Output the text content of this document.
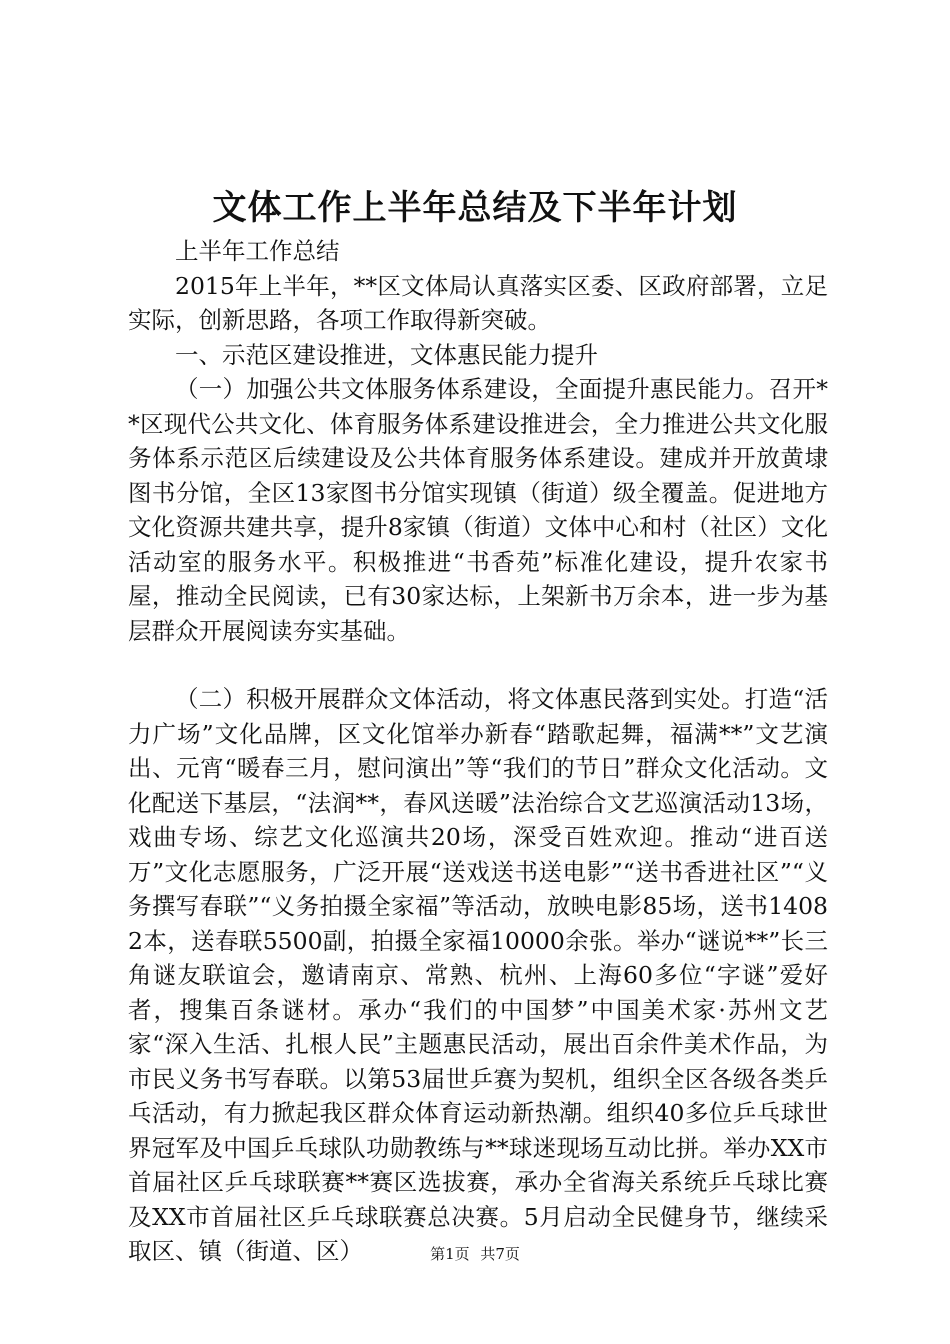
文体工作上半年总结及下半年计划

上半年工作总结

2015年上半年，**区文体局认真落实区委、区政府部署，立足实际，创新思路，各项工作取得新突破。

一、示范区建设推进，文体惠民能力提升

（一）加强公共文体服务体系建设，全面提升惠民能力。召开**区现代公共文化、体育服务体系建设推进会，全力推进公共文化服务体系示范区后续建设及公共体育服务体系建设。建成并开放黄埭图书分馆，全区13家图书分馆实现镇（街道）级全覆盖。促进地方文化资源共建共享，提升8家镇（街道）文体中心和村（社区）文化活动室的服务水平。积极推进“书香苑”标准化建设，提升农家书屋，推动全民阅读，已有30家达标，上架新书万余本，进一步为基层群众开展阅读夯实基础。

（二）积极开展群众文体活动，将文体惠民落到实处。打造“活力广场”文化品牌，区文化馆举办新春“踏歌起舞，福满**”文艺演出、元宵“暖春三月，慰问演出”等“我们的节日”群众文化活动。文化配送下基层，“法润**，春风送暖”法治综合文艺巡演活动13场，戏曲专场、综艺文化巡演共20场，深受百姓欢迎。推动“进百送万”文化志愿服务，广泛开展“送戏送书送电影”“送书香进社区”“义务撰写春联”“义务拍摄全家福”等活动，放映电影85场，送书14082本，送春联5500副，拍摄全家福10000余张。举办“谜说**”长三角谜友联谊会，邀请南京、常熟、杭州、上海60多位“字谜”爱好者，搜集百条谜材。承办“我们的中国梦”中国美术家·苏州文艺家“深入生活、扎根人民”主题惠民活动，展出百余件美术作品，为市民义务书写春联。以第53届世乒赛为契机，组织全区各级各类乒乓活动，有力掀起我区群众体育运动新热潮。组织40多位乒乓球世界冠军及中国乒乓球队功勋教练与**球迷现场互动比拼。举办XX市首届社区乒乓球联赛**赛区选拔赛，承办全省海关系统乒乓球比赛及XX市首届社区乒乓球联赛总决赛。5月启动全民健身节，继续采取区、镇（街道、区）	第1页 共7页
